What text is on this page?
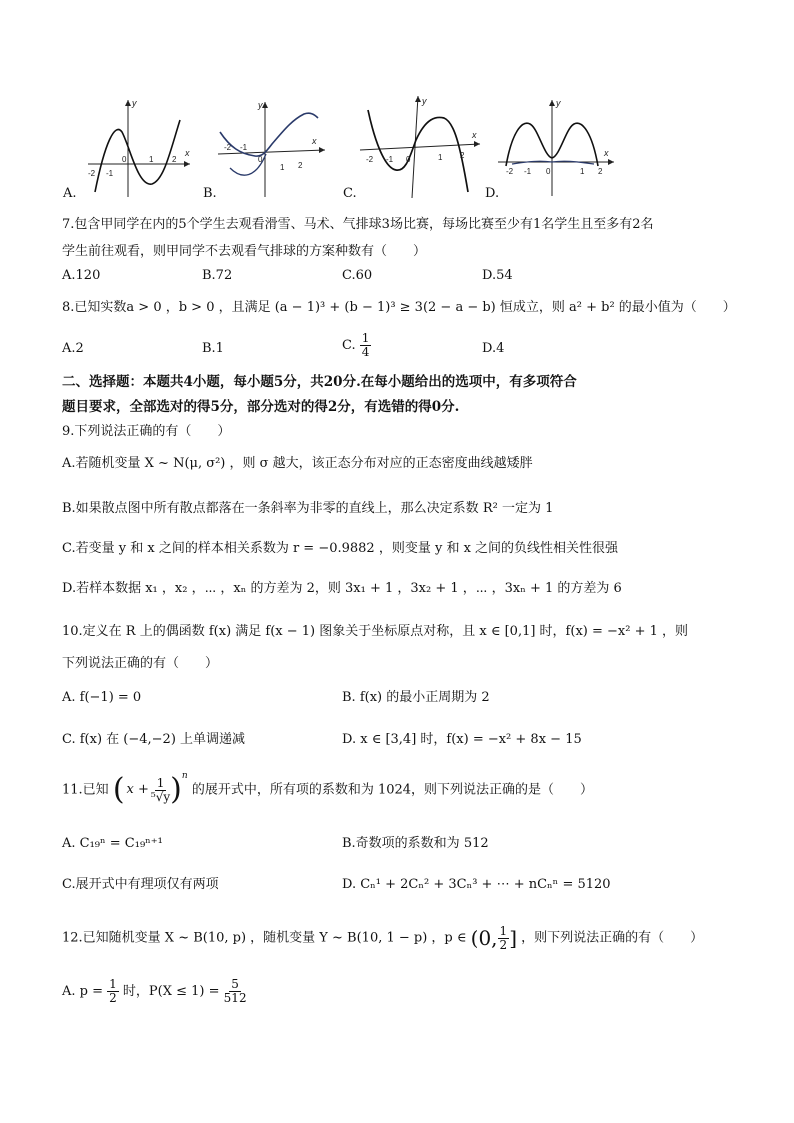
x
y
-2 -1
0	1 2
A.
x
y
-2 -1
0
1 2
B.
x
y
-2 -1 0	1 2
C.
x
y
-2 -1 0	1 2
D.
7.包含甲同学在内的5个学生去观看滑雪、马术、气排球3场比赛，每场比赛至少有1名学生且至多有2名
学生前往观看，则甲同学不去观看气排球的方案种数有（　　）
A.120	B.72	C.60	D.54
8.已知实数a > 0 ，b > 0 ，且满足 (a − 1)³ + (b − 1)³ ≥ 3(2 − a − b) 恒成立，则 a² + b² 的最小值为（　　）
A.2	B.1	C. $\frac{1}{4}$	D.4
二、选择题：本题共4小题，每小题5分，共20分.在每小题给出的选项中，有多项符合
题目要求，全部选对的得5分，部分选对的得2分，有选错的得0分.
9.下列说法正确的有（　　）
A.若随机变量 X ~ N(μ, σ²) ，则 σ 越大，该正态分布对应的正态密度曲线越矮胖
B.如果散点图中所有散点都落在一条斜率为非零的直线上，那么决定系数 R² 一定为 1
C.若变量 y 和 x 之间的样本相关系数为 r = −0.9882 ，则变量 y 和 x 之间的负线性相关性很强
D.若样本数据 x₁ ，x₂ ，⋯ ，xₙ 的方差为 2，则 3x₁ + 1 ，3x₂ + 1 ，⋯ ，3xₙ + 1 的方差为 6
10.定义在 R 上的偶函数 f(x) 满足 f(x − 1) 图象关于坐标原点对称，且 x ∈ [0,1] 时，f(x) = −x² + 1 ，则
下列说法正确的有（　　）
A. f(−1) = 0	B. f(x) 的最小正周期为 2
C. f(x) 在 (−4,−2) 上单调递减	D. x ∈ [3,4] 时，f(x) = −x² + 8x − 15
11.已知 ( $x + \frac{1}{\text{⁵√y}} )^n$
的展开式中，所有项的系数和为 1024，则下列说法正确的是（　　）
A. C₁₉ⁿ = C₁₉ⁿ⁺¹	B.奇数项的系数和为 512
C.展开式中有理项仅有两项	D. Cₙ¹ + 2Cₙ² + 3Cₙ³ + ⋯ + nCₙⁿ = 5120
12.已知随机变量 X ~ B(10, p) ，随机变量 Y ~ B(10, 1 − p) ，p ∈ (0, $\frac{1}{2}$ ] ，则下列说法正确的有（　　）
A. $p = \frac{1}{2}$ 时，$P(X \le 1) = \frac{5}{512}$
